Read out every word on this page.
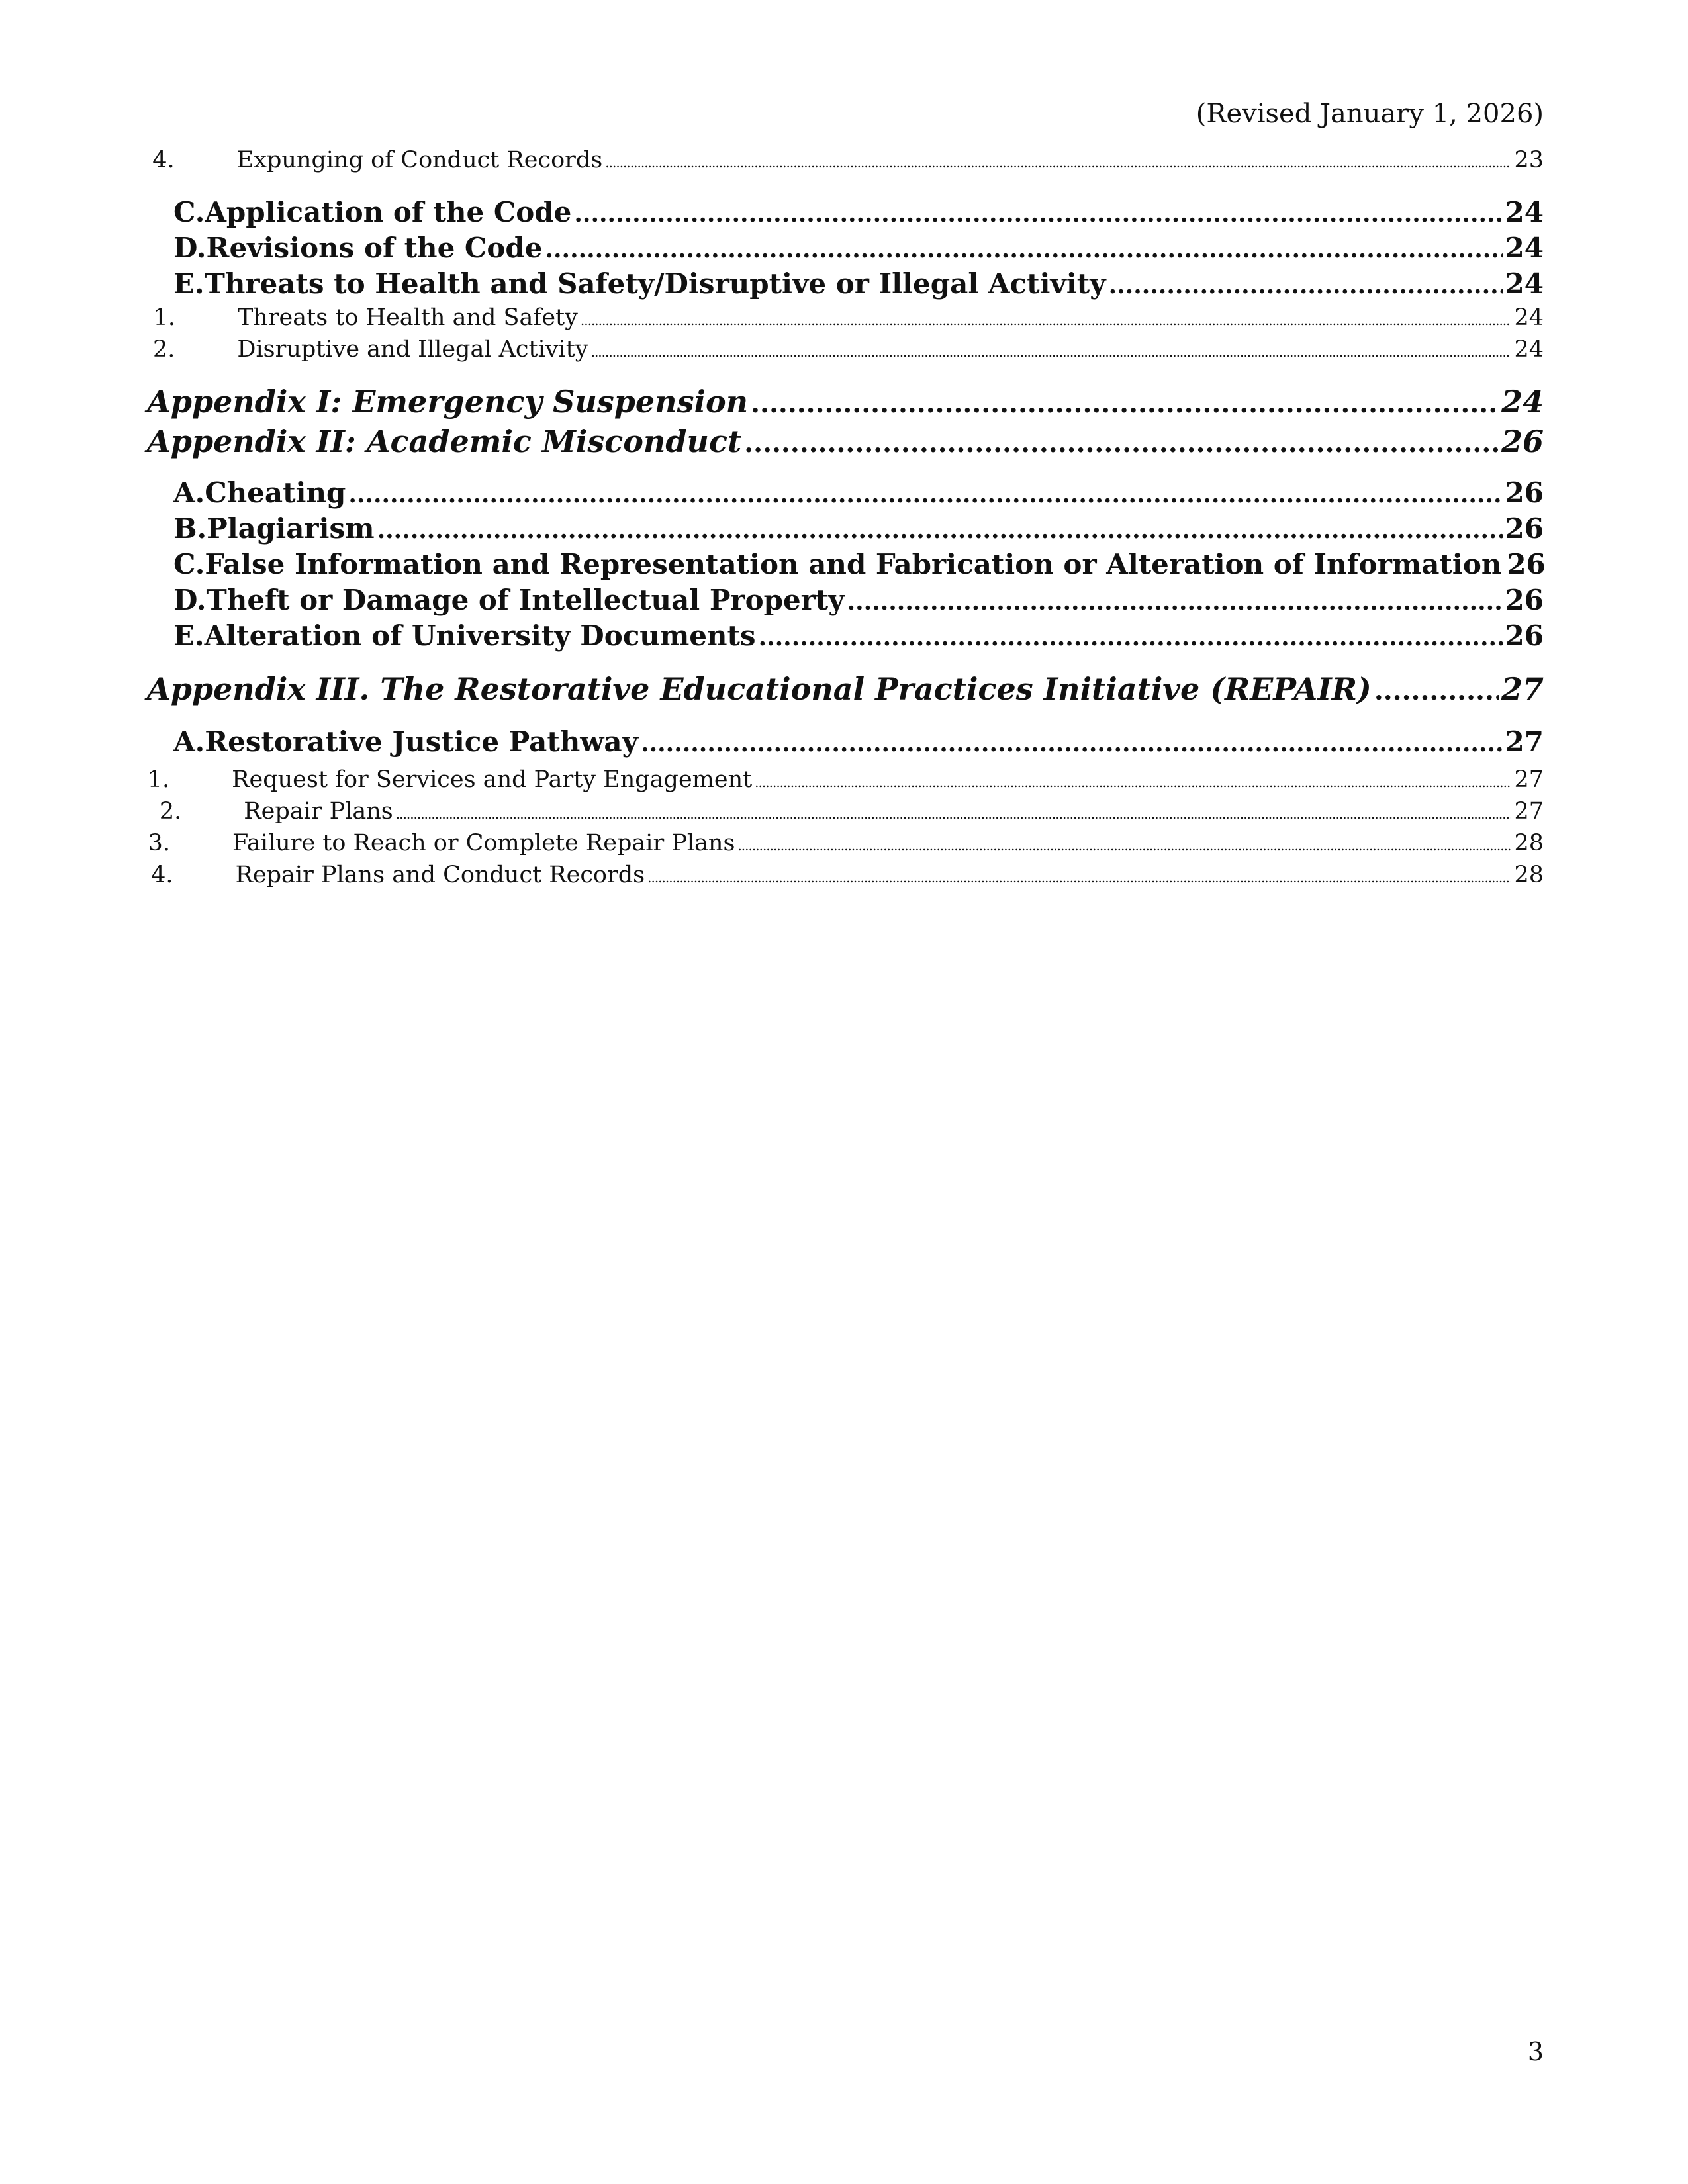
(Revised January 1, 2026)
4.	Expunging of Conduct Records .....	23
C. Application of the Code .....	24
D. Revisions of the Code .....	24
E. Threats to Health and Safety/Disruptive or Illegal Activity .....	24
1.	Threats to Health and Safety .....	24
2.	Disruptive and Illegal Activity .....	24
Appendix I: Emergency Suspension .....	24
Appendix II: Academic Misconduct .....	26
A. Cheating .....	26
B. Plagiarism .....	26
C. False Information and Representation and Fabrication or Alteration of Information 26
D. Theft or Damage of Intellectual Property .....	26
E. Alteration of University Documents .....	26
Appendix III. The Restorative Educational Practices Initiative (REPAIR) .....	27
A. Restorative Justice Pathway .....	27
1.	Request for Services and Party Engagement .....	27
2.	Repair Plans .....	27
3.	Failure to Reach or Complete Repair Plans .....	28
4.	Repair Plans and Conduct Records .....	28
3
